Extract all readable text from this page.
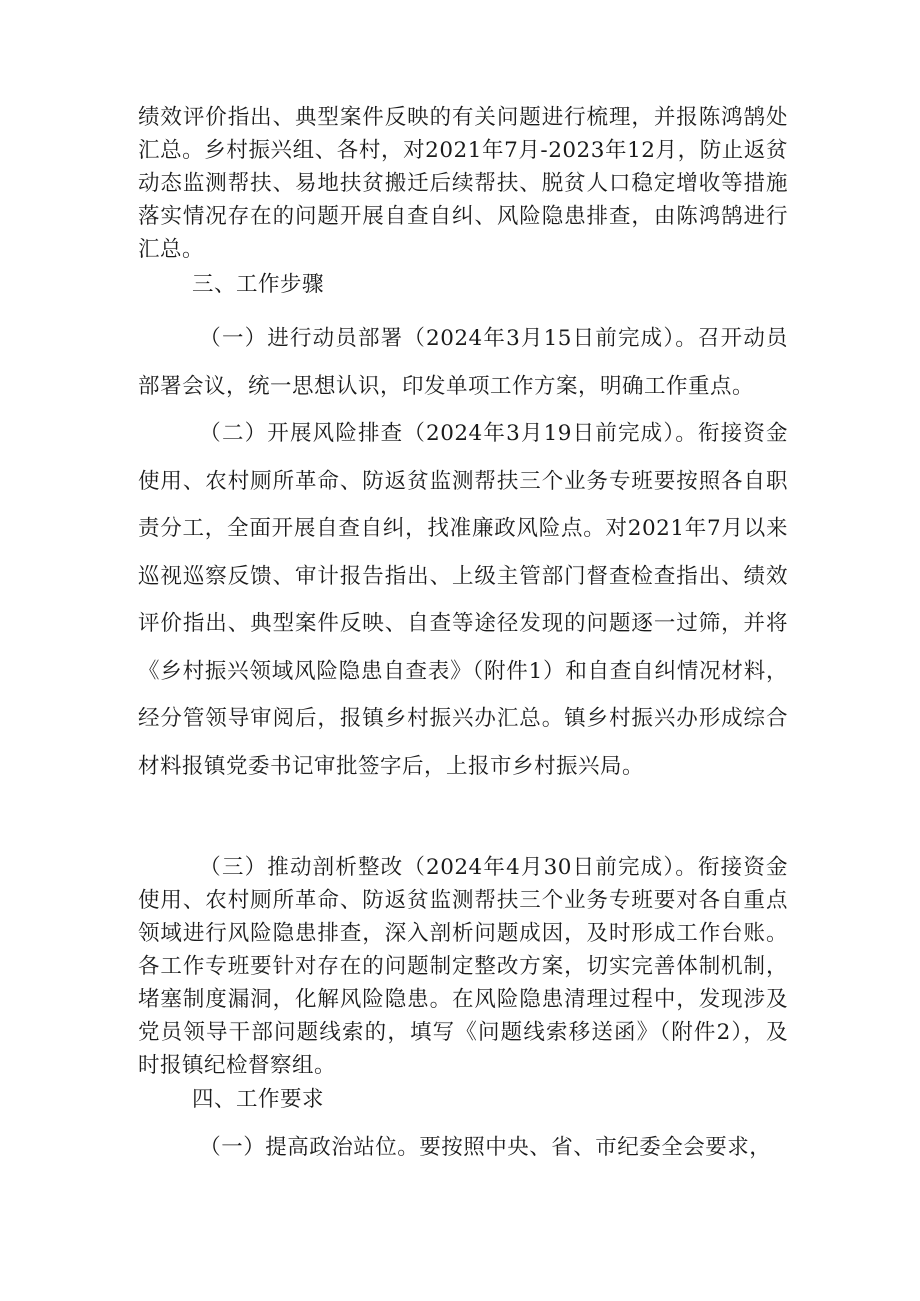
绩效评价指出、典型案件反映的有关问题进行梳理，并报陈鸿鹄处汇总。乡村振兴组、各村，对2021年7月-2023年12月，防止返贫动态监测帮扶、易地扶贫搬迁后续帮扶、脱贫人口稳定增收等措施落实情况存在的问题开展自查自纠、风险隐患排查，由陈鸿鹄进行汇总。

三、工作步骤

（一）进行动员部署（2024年3月15日前完成）。召开动员部署会议，统一思想认识，印发单项工作方案，明确工作重点。

（二）开展风险排查（2024年3月19日前完成）。衔接资金使用、农村厕所革命、防返贫监测帮扶三个业务专班要按照各自职责分工，全面开展自查自纠，找准廉政风险点。对2021年7月以来巡视巡察反馈、审计报告指出、上级主管部门督查检查指出、绩效评价指出、典型案件反映、自查等途径发现的问题逐一过筛，并将《乡村振兴领域风险隐患自查表》（附件1）和自查自纠情况材料，经分管领导审阅后，报镇乡村振兴办汇总。镇乡村振兴办形成综合材料报镇党委书记审批签字后，上报市乡村振兴局。

（三）推动剖析整改（2024年4月30日前完成）。衔接资金使用、农村厕所革命、防返贫监测帮扶三个业务专班要对各自重点领域进行风险隐患排查，深入剖析问题成因，及时形成工作台账。各工作专班要针对存在的问题制定整改方案，切实完善体制机制，堵塞制度漏洞，化解风险隐患。在风险隐患清理过程中，发现涉及党员领导干部问题线索的，填写《问题线索移送函》（附件2），及时报镇纪检督察组。

四、工作要求

（一）提高政治站位。要按照中央、省、市纪委全会要求，
